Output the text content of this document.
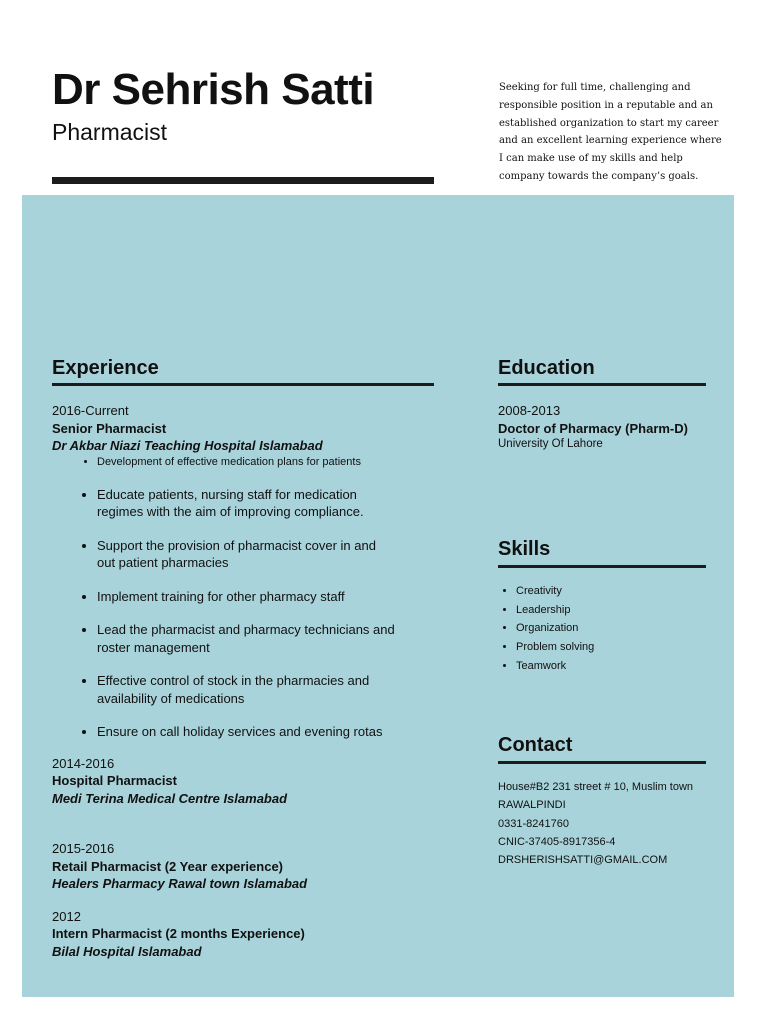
Dr Sehrish Satti
Pharmacist

Seeking for full time, challenging and responsible position in a reputable and an established organization to start my career and an excellent learning experience where I can make use of my skills and help company towards the company’s goals.

Experience
2016-Current
Senior Pharmacist
Dr Akbar Niazi Teaching Hospital Islamabad
• Development of effective medication plans for patients
• Educate patients, nursing staff for medication regimes with the aim of improving compliance.
• Support the provision of pharmacist cover in and out patient pharmacies
• Implement training for other pharmacy staff
• Lead the pharmacist and pharmacy technicians and roster management
• Effective control of stock in the pharmacies and availability of medications
• Ensure on call holiday services and evening rotas
2014-2016
Hospital Pharmacist
Medi Terina Medical Centre Islamabad
2015-2016
Retail Pharmacist (2 Year experience)
Healers Pharmacy Rawal town Islamabad
2012
Intern Pharmacist (2 months Experience)
Bilal Hospital Islamabad
Education
2008-2013
Doctor of Pharmacy (Pharm-D)
University Of Lahore
Skills
• Creativity
• Leadership
• Organization
• Problem solving
• Teamwork
Contact
House#B2 231 street # 10, Muslim town
RAWALPINDI
0331-8241760
CNIC-37405-8917356-4
DRSHERISHSATTI@GMAIL.COM
